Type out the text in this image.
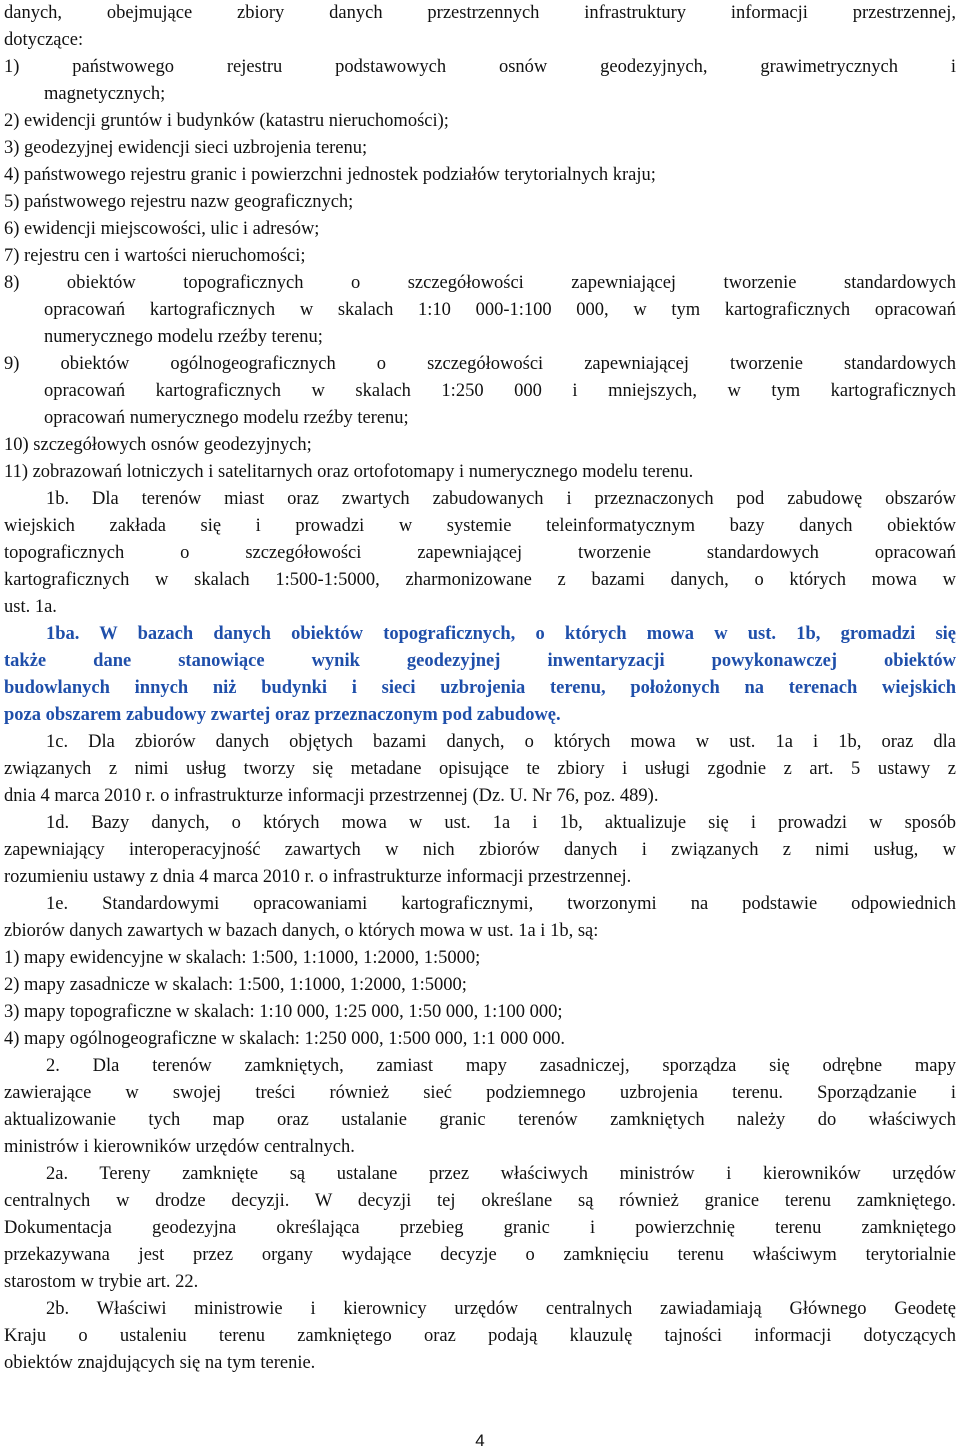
danych, obejmujące zbiory danych przestrzennych infrastruktury informacji przestrzennej,
dotyczące:
1) państwowego rejestru podstawowych osnów geodezyjnych, grawimetrycznych i
magnetycznych;
2) ewidencji gruntów i budynków (katastru nieruchomości);
3) geodezyjnej ewidencji sieci uzbrojenia terenu;
4) państwowego rejestru granic i powierzchni jednostek podziałów terytorialnych kraju;
5) państwowego rejestru nazw geograficznych;
6) ewidencji miejscowości, ulic i adresów;
7) rejestru cen i wartości nieruchomości;
8) obiektów topograficznych o szczegółowości zapewniającej tworzenie standardowych
opracowań kartograficznych w skalach 1:10 000-1:100 000, w tym kartograficznych opracowań
numerycznego modelu rzeźby terenu;
9) obiektów ogólnogeograficznych o szczegółowości zapewniającej tworzenie standardowych
opracowań kartograficznych w skalach 1:250 000 i mniejszych, w tym kartograficznych
opracowań numerycznego modelu rzeźby terenu;
10) szczegółowych osnów geodezyjnych;
11) zobrazowań lotniczych i satelitarnych oraz ortofotomapy i numerycznego modelu terenu.
1b. Dla terenów miast oraz zwartych zabudowanych i przeznaczonych pod zabudowę obszarów
wiejskich zakłada się i prowadzi w systemie teleinformatycznym bazy danych obiektów
topograficznych o szczegółowości zapewniającej tworzenie standardowych opracowań
kartograficznych w skalach 1:500-1:5000, zharmonizowane z bazami danych, o których mowa w
ust. 1a.
1ba. W bazach danych obiektów topograficznych, o których mowa w ust. 1b, gromadzi się
także dane stanowiące wynik geodezyjnej inwentaryzacji powykonawczej obiektów
budowlanych innych niż budynki i sieci uzbrojenia terenu, położonych na terenach wiejskich
poza obszarem zabudowy zwartej oraz przeznaczonym pod zabudowę.
1c. Dla zbiorów danych objętych bazami danych, o których mowa w ust. 1a i 1b, oraz dla
związanych z nimi usług tworzy się metadane opisujące te zbiory i usługi zgodnie z art. 5 ustawy z
dnia 4 marca 2010 r. o infrastrukturze informacji przestrzennej (Dz. U. Nr 76, poz. 489).
1d. Bazy danych, o których mowa w ust. 1a i 1b, aktualizuje się i prowadzi w sposób
zapewniający interoperacyjność zawartych w nich zbiorów danych i związanych z nimi usług, w
rozumieniu ustawy z dnia 4 marca 2010 r. o infrastrukturze informacji przestrzennej.
1e. Standardowymi opracowaniami kartograficznymi, tworzonymi na podstawie odpowiednich
zbiorów danych zawartych w bazach danych, o których mowa w ust. 1a i 1b, są:
1) mapy ewidencyjne w skalach: 1:500, 1:1000, 1:2000, 1:5000;
2) mapy zasadnicze w skalach: 1:500, 1:1000, 1:2000, 1:5000;
3) mapy topograficzne w skalach: 1:10 000, 1:25 000, 1:50 000, 1:100 000;
4) mapy ogólnogeograficzne w skalach: 1:250 000, 1:500 000, 1:1 000 000.
2. Dla terenów zamkniętych, zamiast mapy zasadniczej, sporządza się odrębne mapy
zawierające w swojej treści również sieć podziemnego uzbrojenia terenu. Sporządzanie i
aktualizowanie tych map oraz ustalanie granic terenów zamkniętych należy do właściwych
ministrów i kierowników urzędów centralnych.
2a. Tereny zamknięte są ustalane przez właściwych ministrów i kierowników urzędów
centralnych w drodze decyzji. W decyzji tej określane są również granice terenu zamkniętego.
Dokumentacja geodezyjna określająca przebieg granic i powierzchnię terenu zamkniętego
przekazywana jest przez organy wydające decyzje o zamknięciu terenu właściwym terytorialnie
starostom w trybie art. 22.
2b. Właściwi ministrowie i kierownicy urzędów centralnych zawiadamiają Głównego Geodetę
Kraju o ustaleniu terenu zamkniętego oraz podają klauzulę tajności informacji dotyczących
obiektów znajdujących się na tym terenie.
4
